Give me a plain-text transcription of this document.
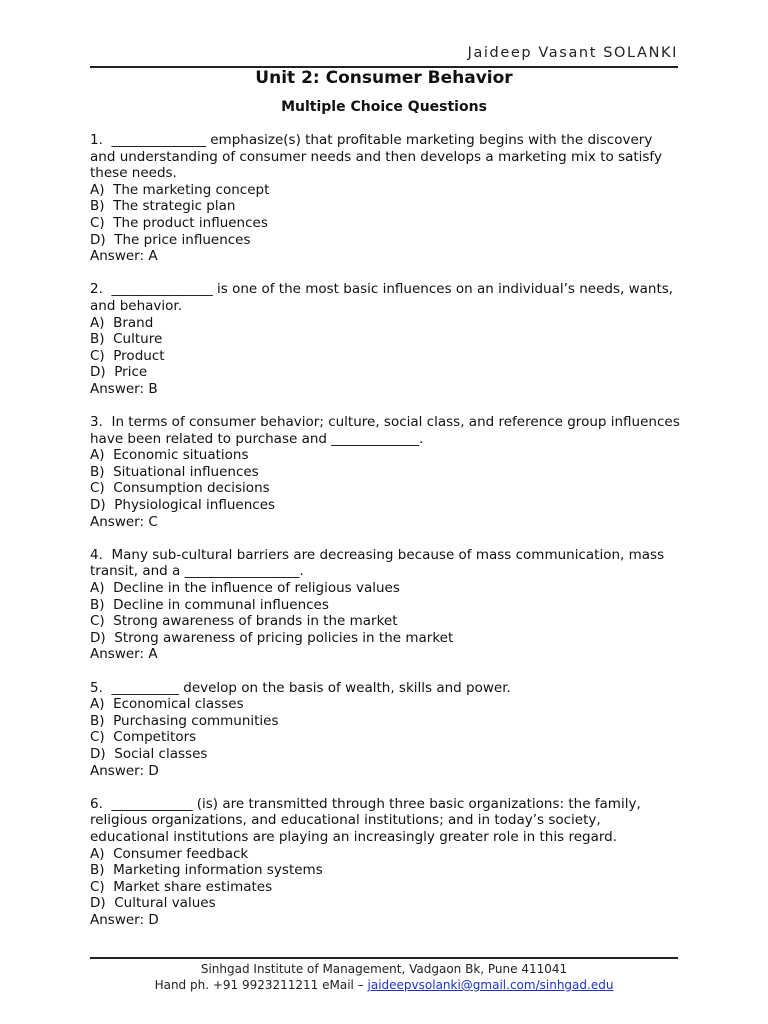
Jaideep Vasant SOLANKI
Unit 2: Consumer Behavior
Multiple Choice Questions
1.  ______________ emphasize(s) that profitable marketing begins with the discovery and understanding of consumer needs and then develops a marketing mix to satisfy these needs.
A)  The marketing concept
B)  The strategic plan
C)  The product influences
D)  The price influences
Answer: A
2.  _______________ is one of the most basic influences on an individual’s needs, wants, and behavior.
A)  Brand
B)  Culture
C)  Product
D)  Price
Answer: B
3.  In terms of consumer behavior; culture, social class, and reference group influences have been related to purchase and _____________.
A)  Economic situations
B)  Situational influences
C)  Consumption decisions
D)  Physiological influences
Answer: C
4.  Many sub-cultural barriers are decreasing because of mass communication, mass transit, and a _________________.
A)  Decline in the influence of religious values
B)  Decline in communal influences
C)  Strong awareness of brands in the market
D)  Strong awareness of pricing policies in the market
Answer: A
5.  __________ develop on the basis of wealth, skills and power.
A)  Economical classes
B)  Purchasing communities
C)  Competitors
D)  Social classes
Answer: D
6.  ____________ (is) are transmitted through three basic organizations: the family, religious organizations, and educational institutions; and in today’s society, educational institutions are playing an increasingly greater role in this regard.
A)  Consumer feedback
B)  Marketing information systems
C)  Market share estimates
D)  Cultural values
Answer: D
Sinhgad Institute of Management, Vadgaon Bk, Pune 411041
Hand ph. +91 9923211211 eMail – jaideepvsolanki@gmail.com/sinhgad.edu
